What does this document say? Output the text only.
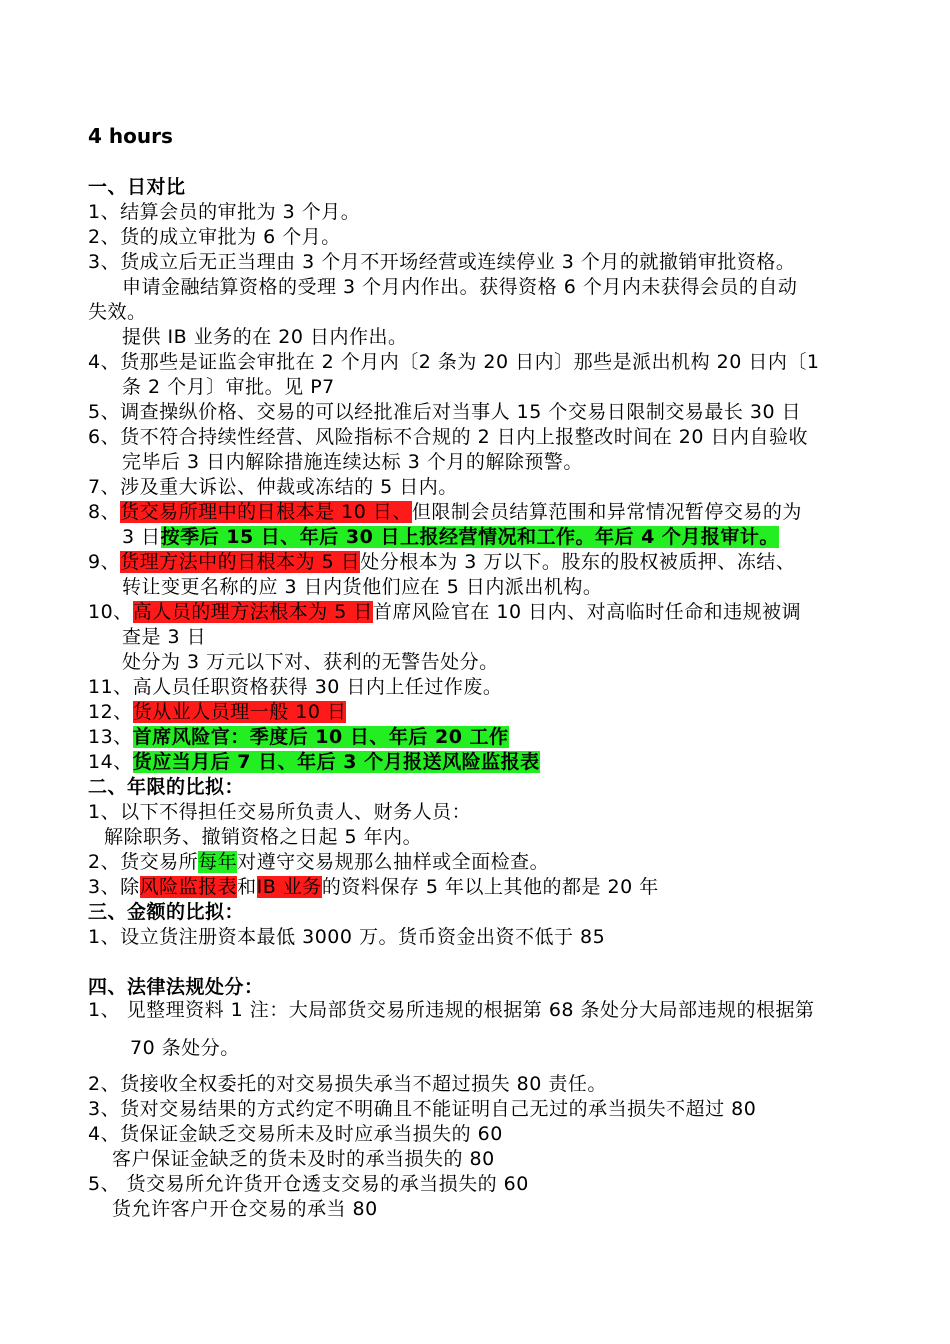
4 hours
一、日对比
1、结算会员的审批为 3 个月。
2、货的成立审批为 6 个月。
3、货成立后无正当理由 3 个月不开场经营或连续停业 3 个月的就撤销审批资格。
申请金融结算资格的受理 3 个月内作出。获得资格 6 个月内未获得会员的自动
失效。
提供 IB 业务的在 20 日内作出。
4、货那些是证监会审批在 2 个月内〔2 条为 20 日内〕那些是派出机构 20 日内〔1
条 2 个月〕审批。见 P7
5、调查操纵价格、交易的可以经批准后对当事人 15 个交易日限制交易最长 30 日
6、货不符合持续性经营、风险指标不合规的 2 日内上报整改时间在 20 日内自验收
完毕后 3 日内解除措施连续达标 3 个月的解除预警。
7、涉及重大诉讼、仲裁或冻结的 5 日内。
8、货交易所理中的日根本是 10 日、但限制会员结算范围和异常情况暂停交易的为
3 日按季后 15 日、年后 30 日上报经营情况和工作。年后 4 个月报审计。
9、货理方法中的日根本为 5 日处分根本为 3 万以下。股东的股权被质押、冻结、
转让变更名称的应 3 日内货他们应在 5 日内派出机构。
10、高人员的理方法根本为 5 日首席风险官在 10 日内、对高临时任命和违规被调
查是 3 日
处分为 3 万元以下对、获利的无警告处分。
11、高人员任职资格获得 30 日内上任过作废。
12、货从业人员理一般 10 日
13、首席风险官：季度后 10 日、年后 20 工作
14、货应当月后 7 日、年后 3 个月报送风险监报表
二、年限的比拟：
1、以下不得担任交易所负责人、财务人员：
解除职务、撤销资格之日起 5 年内。
2、货交易所每年对遵守交易规那么抽样或全面检查。
3、除风险监报表和IB 业务的资料保存 5 年以上其他的都是 20 年
三、金额的比拟：
1、设立货注册资本最低 3000 万。货币资金出资不低于 85
四、法律法规处分：
1、 见整理资料 1 注：大局部货交易所违规的根据第 68 条处分大局部违规的根据第
70 条处分。
2、货接收全权委托的对交易损失承当不超过损失 80 责任。
3、货对交易结果的方式约定不明确且不能证明自己无过的承当损失不超过 80
4、货保证金缺乏交易所未及时应承当损失的 60
客户保证金缺乏的货未及时的承当损失的 80
5、 货交易所允许货开仓透支交易的承当损失的 60
货允许客户开仓交易的承当 80
